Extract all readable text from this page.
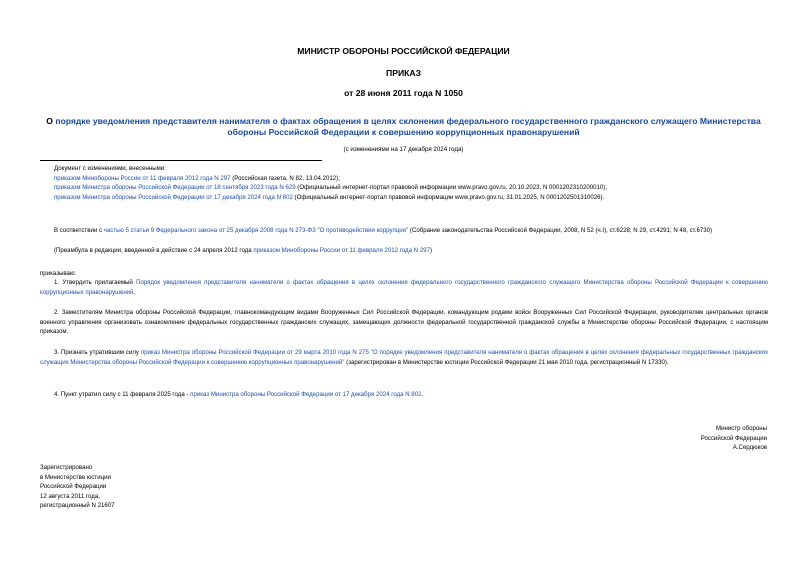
МИНИСТР ОБОРОНЫ РОССИЙСКОЙ ФЕДЕРАЦИИ
ПРИКАЗ
от 28 июня 2011 года N 1050
О порядке уведомления представителя нанимателя о фактах обращения в целях склонения федерального государственного гражданского служащего Министерства обороны Российской Федерации к совершению коррупционных правонарушений
(с изменениями на 17 декабря 2024 года)
Документ с изменениями, внесенными:
приказом Минобороны России от 11 февраля 2012 года N 297 (Российская газета, N 82, 13.04.2012);
приказом Министра обороны Российской Федерации от 18 сентября 2023 года N 629 (Официальный интернет-портал правовой информации www.pravo.gov.ru, 20.10.2023, N 0001202310200010);
приказом Министра обороны Российской Федерации от 17 декабря 2024 года N 802 (Официальный интернет-портал правовой информации www.pravo.gov.ru, 31.01.2025, N 0001202501310026).
В соответствии с частью 5 статьи 9 Федерального закона от 25 декабря 2008 года N 273-ФЗ "О противодействии коррупции" (Собрание законодательства Российской Федерации, 2008, N 52 (ч.I), ст.6228; N 29, ст.4291; N 48, ст.6730)
(Преамбула в редакции, введенной в действие с 24 апреля 2012 года приказом Минобороны России от 11 февраля 2012 года N 297)
приказываю:
1. Утвердить прилагаемый Порядок уведомления представителя нанимателя о фактах обращения в целях склонения федерального государственного гражданского служащего Министерства обороны Российской Федерации к совершению коррупционных правонарушений.
2. Заместителям Министра обороны Российской Федерации, главнокомандующим видами Вооруженных Сил Российской Федерации, командующим родами войск Вооруженных Сил Российской Федерации, руководителям центральных органов военного управления организовать ознакомление федеральных государственных гражданских служащих, замещающих должности федеральной государственной гражданской службы в Министерстве обороны Российской Федерации, с настоящим приказом.
3. Признать утратившим силу приказ Министра обороны Российской Федерации от 29 марта 2010 года N 275 "О порядке уведомления представителя нанимателя о фактах обращения в целях склонения федеральных государственных гражданских служащих Министерства обороны Российской Федерации к совершению коррупционных правонарушений" (зарегистрирован в Министерстве юстиции Российской Федерации 21 мая 2010 года, регистрационный N 17330).
4. Пункт утратил силу с 11 февраля 2025 года - приказ Министра обороны Российской Федерации от 17 декабря 2024 года N 802.
Министр обороны
Российской Федерации
А.Сердюков
Зарегистрировано
в Министерстве юстиции
Российской Федерации
12 августа 2011 года,
регистрационный N 21607
